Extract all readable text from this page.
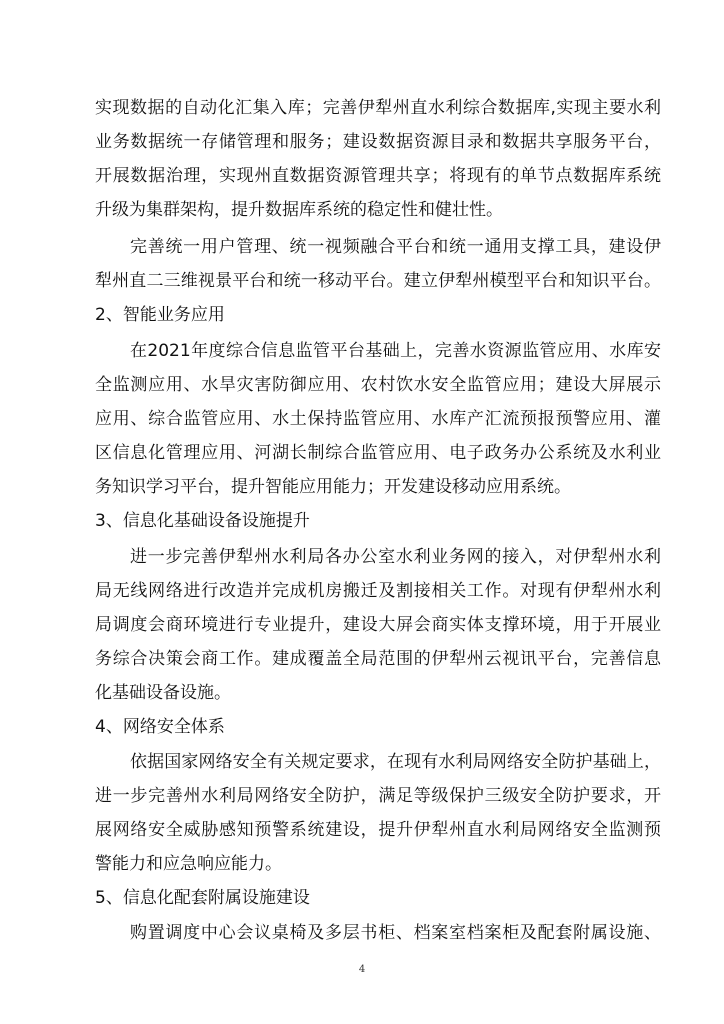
实现数据的自动化汇集入库；完善伊犁州直水利综合数据库,实现主要水利
业务数据统一存储管理和服务；建设数据资源目录和数据共享服务平台，
开展数据治理，实现州直数据资源管理共享；将现有的单节点数据库系统
升级为集群架构，提升数据库系统的稳定性和健壮性。
完善统一用户管理、统一视频融合平台和统一通用支撑工具，建设伊
犁州直二三维视景平台和统一移动平台。建立伊犁州模型平台和知识平台。
2、智能业务应用
在2021年度综合信息监管平台基础上，完善水资源监管应用、水库安
全监测应用、水旱灾害防御应用、农村饮水安全监管应用；建设大屏展示
应用、综合监管应用、水土保持监管应用、水库产汇流预报预警应用、灌
区信息化管理应用、河湖长制综合监管应用、电子政务办公系统及水利业
务知识学习平台，提升智能应用能力；开发建设移动应用系统。
3、信息化基础设备设施提升
进一步完善伊犁州水利局各办公室水利业务网的接入，对伊犁州水利
局无线网络进行改造并完成机房搬迁及割接相关工作。对现有伊犁州水利
局调度会商环境进行专业提升，建设大屏会商实体支撑环境，用于开展业
务综合决策会商工作。建成覆盖全局范围的伊犁州云视讯平台，完善信息
化基础设备设施。
4、网络安全体系
依据国家网络安全有关规定要求，在现有水利局网络安全防护基础上，
进一步完善州水利局网络安全防护，满足等级保护三级安全防护要求，开
展网络安全威胁感知预警系统建设，提升伊犁州直水利局网络安全监测预
警能力和应急响应能力。
5、信息化配套附属设施建设
购置调度中心会议桌椅及多层书柜、档案室档案柜及配套附属设施、
4
